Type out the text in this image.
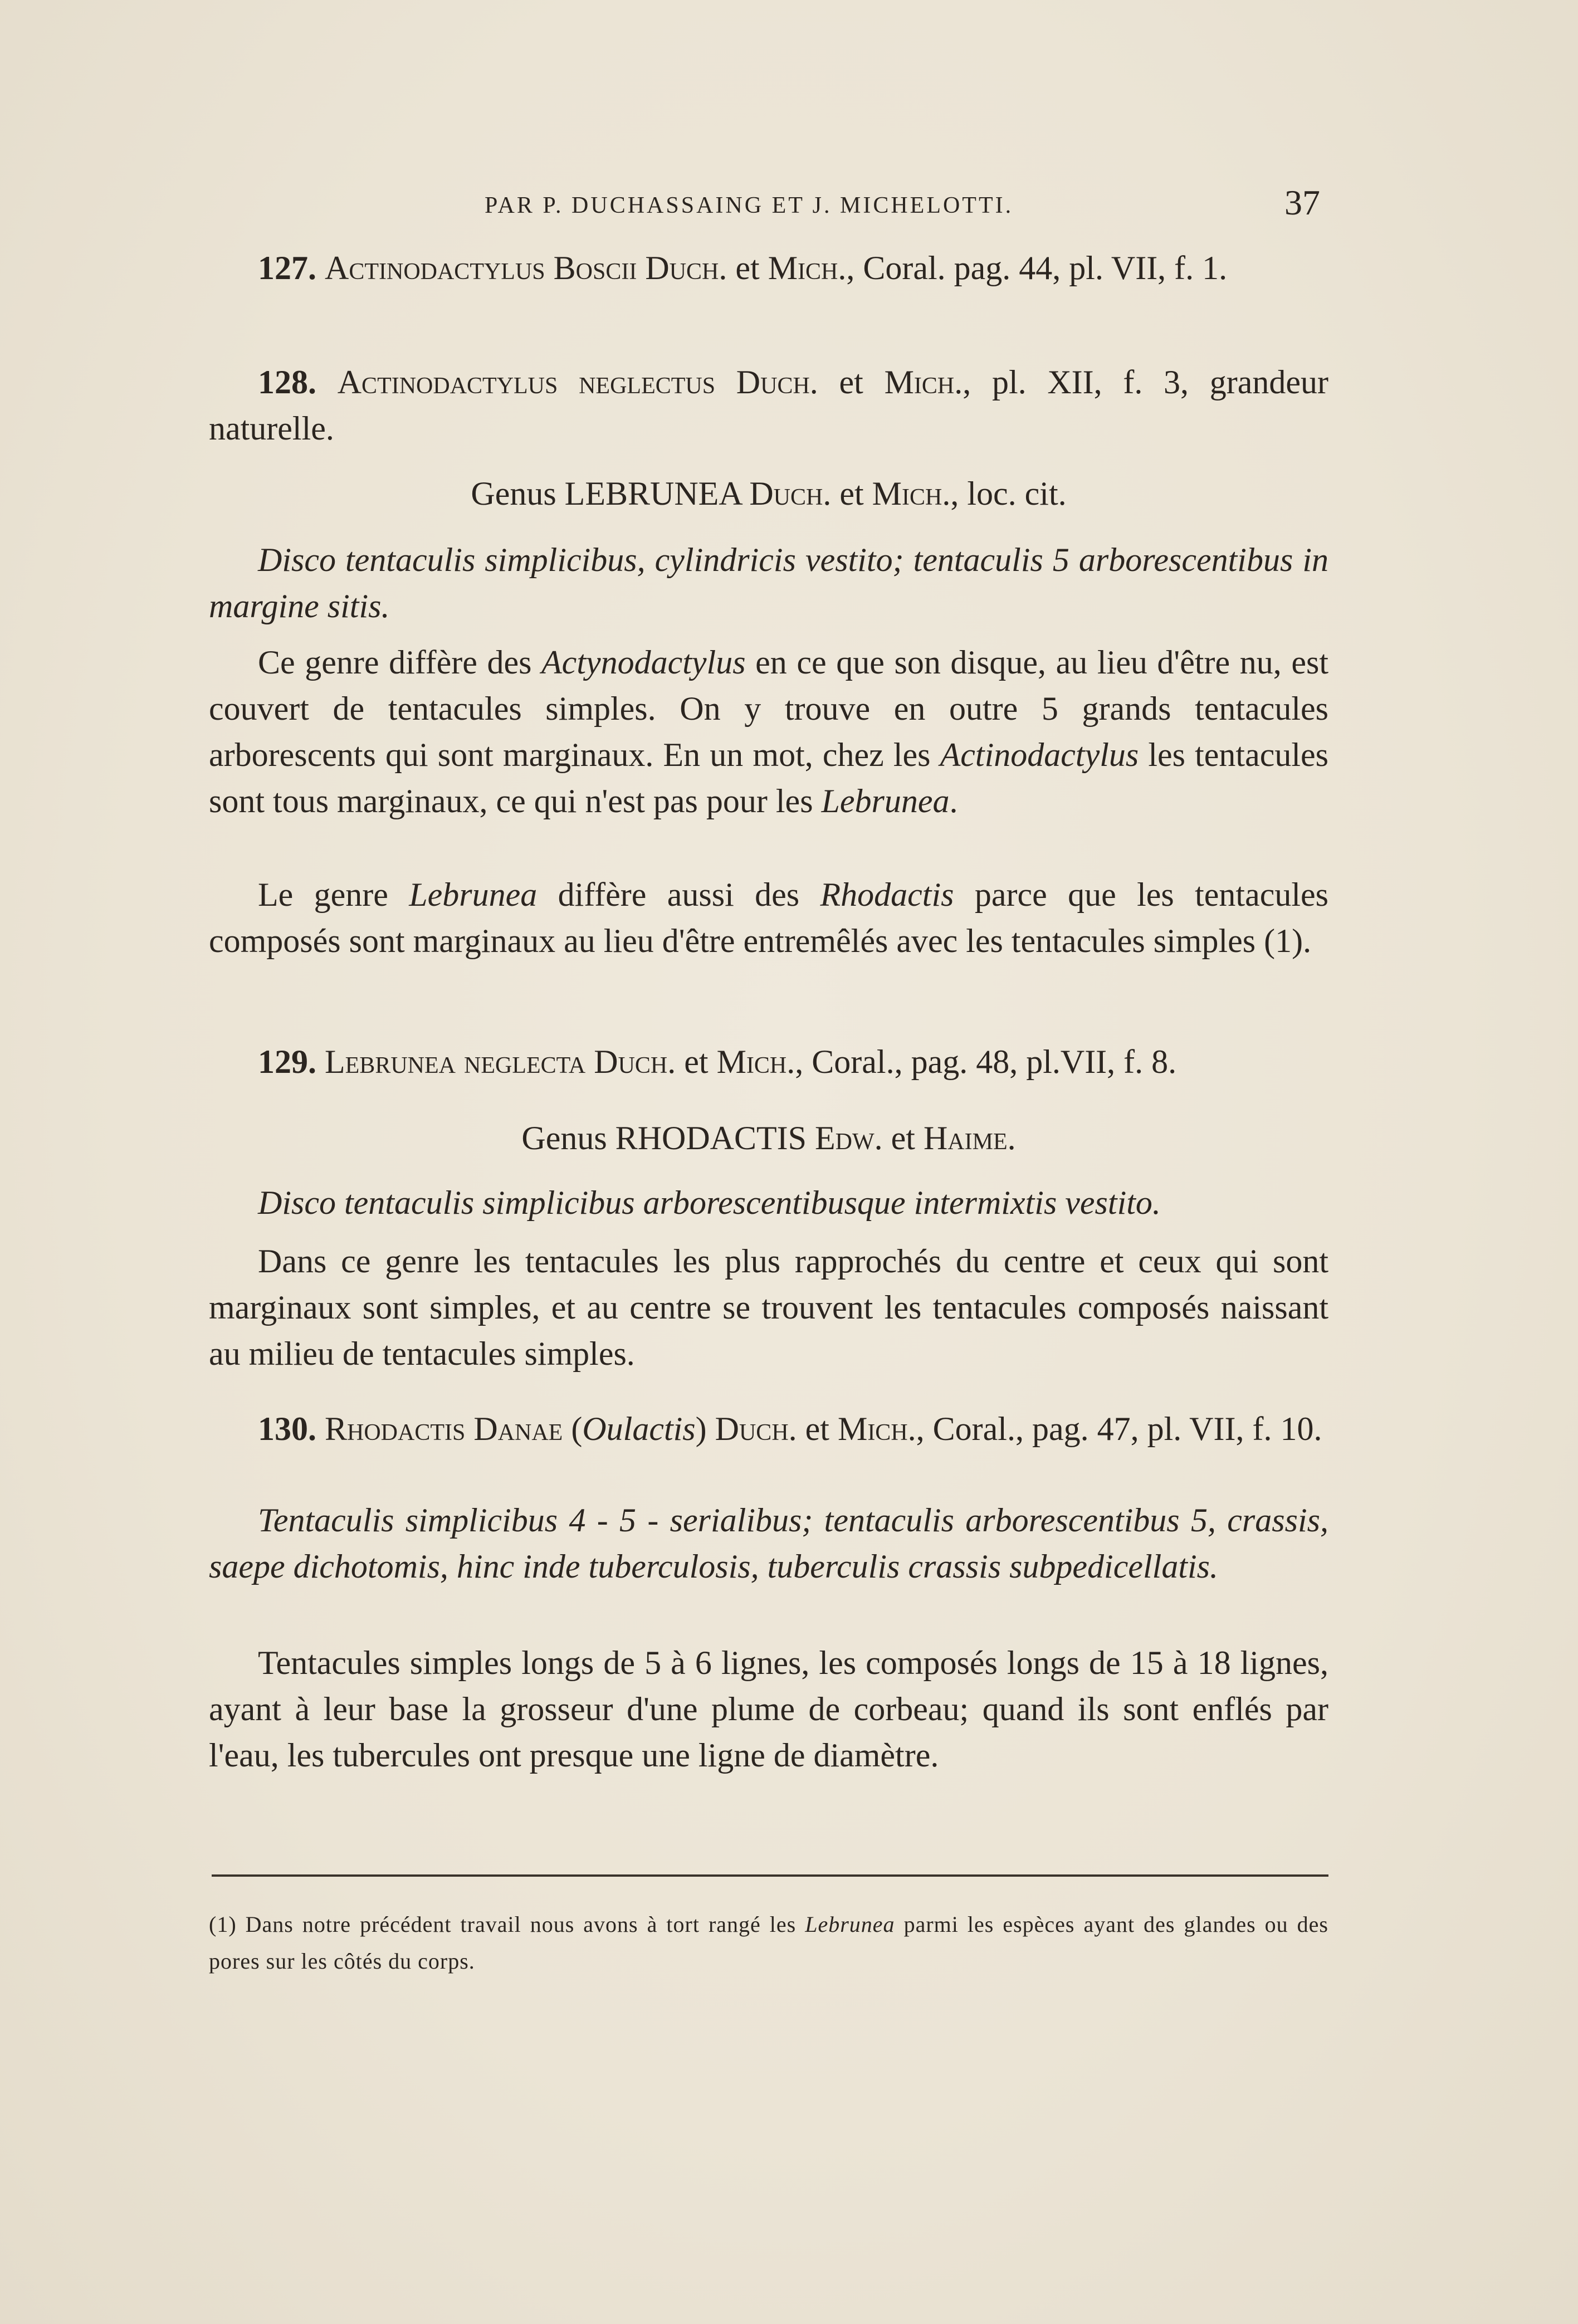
PAR P. DUCHASSAING ET J. MICHELOTTI.	37

127. Actinodactylus Boscii Duch. et Mich., Coral. pag. 44, pl. VII, f. 1.

128. Actinodactylus neglectus Duch. et Mich., pl. XII, f. 3, grandeur naturelle.

Genus LEBRUNEA Duch. et Mich., loc. cit.

Disco tentaculis simplicibus, cylindricis vestito; tentaculis 5 arborescentibus in margine sitis.

Ce genre diffère des Actynodactylus en ce que son disque, au lieu d'être nu, est couvert de tentacules simples. On y trouve en outre 5 grands tentacules arborescents qui sont marginaux. En un mot, chez les Actinodactylus les tentacules sont tous marginaux, ce qui n'est pas pour les Lebrunea.

Le genre Lebrunea diffère aussi des Rhodactis parce que les tentacules composés sont marginaux au lieu d'être entremêlés avec les tentacules simples (1).

129. Lebrunea neglecta Duch. et Mich., Coral., pag. 48, pl.VII, f. 8.

Genus RHODACTIS Edw. et Haime.

Disco tentaculis simplicibus arborescentibusque intermixtis vestito.

Dans ce genre les tentacules les plus rapprochés du centre et ceux qui sont marginaux sont simples, et au centre se trouvent les tentacules composés naissant au milieu de tentacules simples.

130. Rhodactis Danae (Oulactis) Duch. et Mich., Coral., pag. 47, pl. VII, f. 10.

Tentaculis simplicibus 4 - 5 - serialibus; tentaculis arborescentibus 5, crassis, saepe dichotomis, hinc inde tuberculosis, tuberculis crassis subpedicellatis.

Tentacules simples longs de 5 à 6 lignes, les composés longs de 15 à 18 lignes, ayant à leur base la grosseur d'une plume de corbeau; quand ils sont enflés par l'eau, les tubercules ont presque une ligne de diamètre.

(1) Dans notre précédent travail nous avons à tort rangé les Lebrunea parmi les espèces ayant des glandes ou des pores sur les côtés du corps.
